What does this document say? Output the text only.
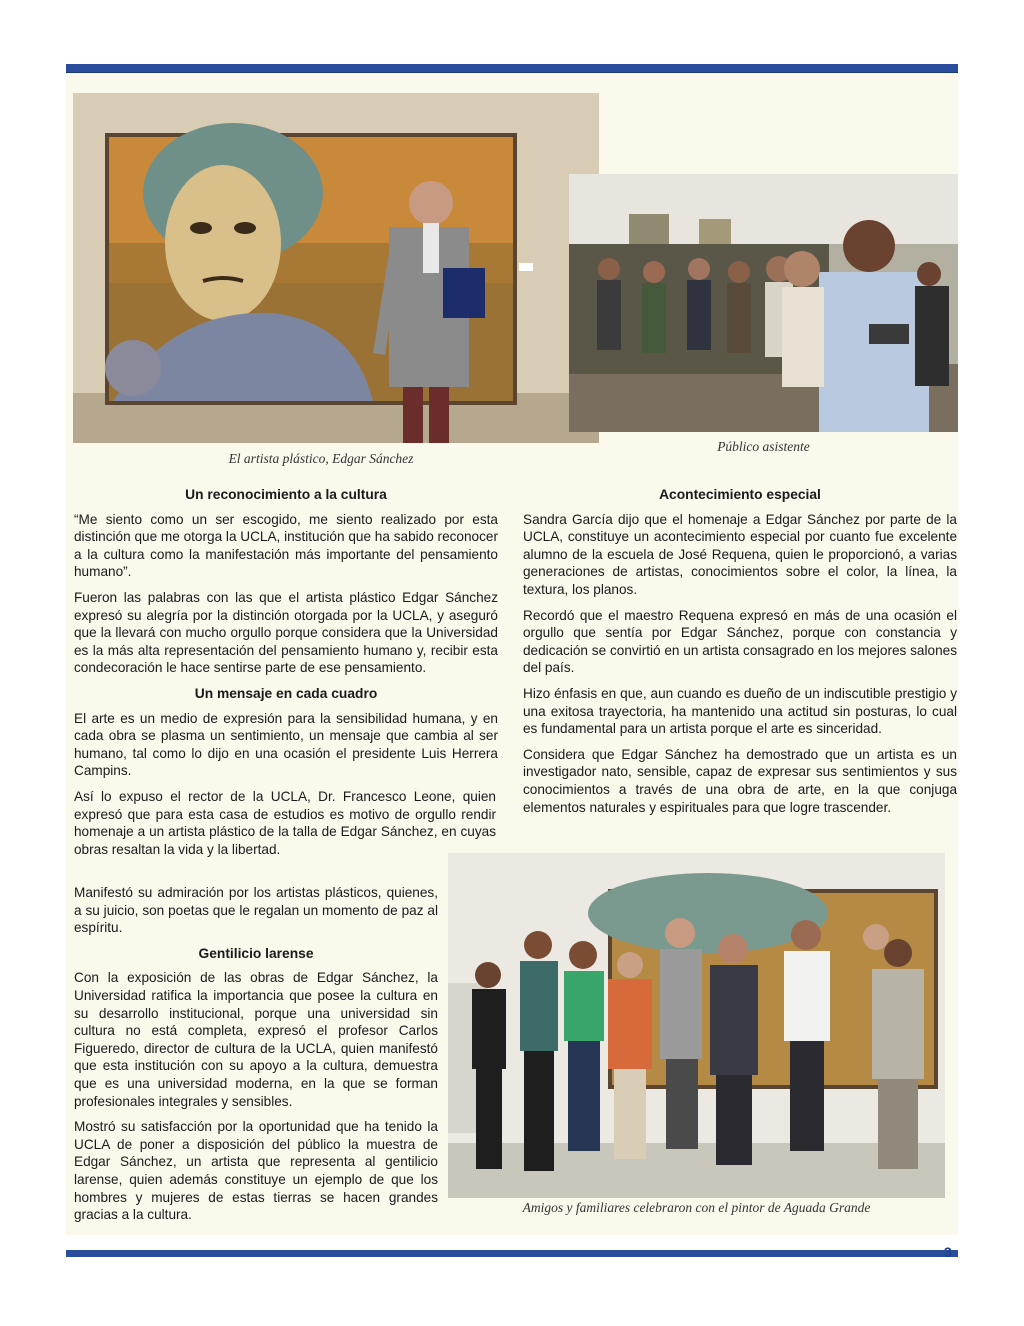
Público asistente
El artista plástico, Edgar Sánchez
Un reconocimiento a la cultura

“Me siento como un ser escogido, me siento realizado por esta distinción que me otorga la UCLA, institución que ha sabido reconocer a la cultura como la manifestación más importante del pensamiento humano”.

Fueron las palabras con las que el artista plástico Edgar Sánchez expresó su alegría por la distinción otorgada por la UCLA, y aseguró que la llevará con mucho orgullo porque considera que la Universidad es la más alta representación del pensamiento humano y, recibir esta condecoración le hace sentirse parte de ese pensamiento.

Un mensaje en cada cuadro

El arte es un medio de expresión para la sensibilidad humana, y en cada obra se plasma un sentimiento, un mensaje que cambia al ser humano, tal como lo dijo en una ocasión el presidente Luis Herrera Campins.

Así lo expuso el rector de la UCLA, Dr. Francesco Leone, quien expresó que para esta casa de estudios es motivo de orgullo rendir homenaje a un artista plástico de la talla de Edgar Sánchez, en cuyas obras resaltan la vida y la libertad.

Manifestó su admiración por los artistas plásticos, quienes, a su juicio, son poetas que le regalan un momento de paz al espíritu.

Gentilicio larense

Con la exposición de las obras de Edgar Sánchez, la Universidad ratifica la importancia que posee la cultura en su desarrollo institucional, porque una universidad sin cultura no está completa, expresó el profesor Carlos Figueredo, director de cultura de la UCLA, quien manifestó que esta institución con su apoyo a la cultura, demuestra que es una universidad moderna, en la que se forman profesionales integrales y sensibles.

Mostró su satisfacción por la oportunidad que ha tenido la UCLA de poner a disposición del público la muestra de Edgar Sánchez, un artista que representa al gentilicio larense, quien además constituye un ejemplo de que los hombres y mujeres de estas tierras se hacen grandes gracias a la cultura.

Acontecimiento especial

Sandra García dijo que el homenaje a Edgar Sánchez por parte de la UCLA, constituye un acontecimiento especial por cuanto fue excelente alumno de la escuela de José Requena, quien le proporcionó, a varias generaciones de artistas, conocimientos sobre el color, la línea, la textura, los planos.

Recordó que el maestro Requena expresó en más de una ocasión el orgullo que sentía por Edgar Sánchez, porque con constancia y dedicación se convirtió en un artista consagrado en los mejores salones del país.

Hizo énfasis en que, aun cuando es dueño de un indiscutible prestigio y una exitosa trayectoria, ha mantenido una actitud sin posturas, lo cual es fundamental para un artista porque el arte es sinceridad.

Considera que Edgar Sánchez ha demostrado que un artista es un investigador nato, sensible, capaz de expresar sus sentimientos y sus conocimientos a través de una obra de arte, en la que conjuga elementos naturales y espirituales para que logre trascender.

Amigos y familiares celebraron con el pintor de Aguada Grande
3
